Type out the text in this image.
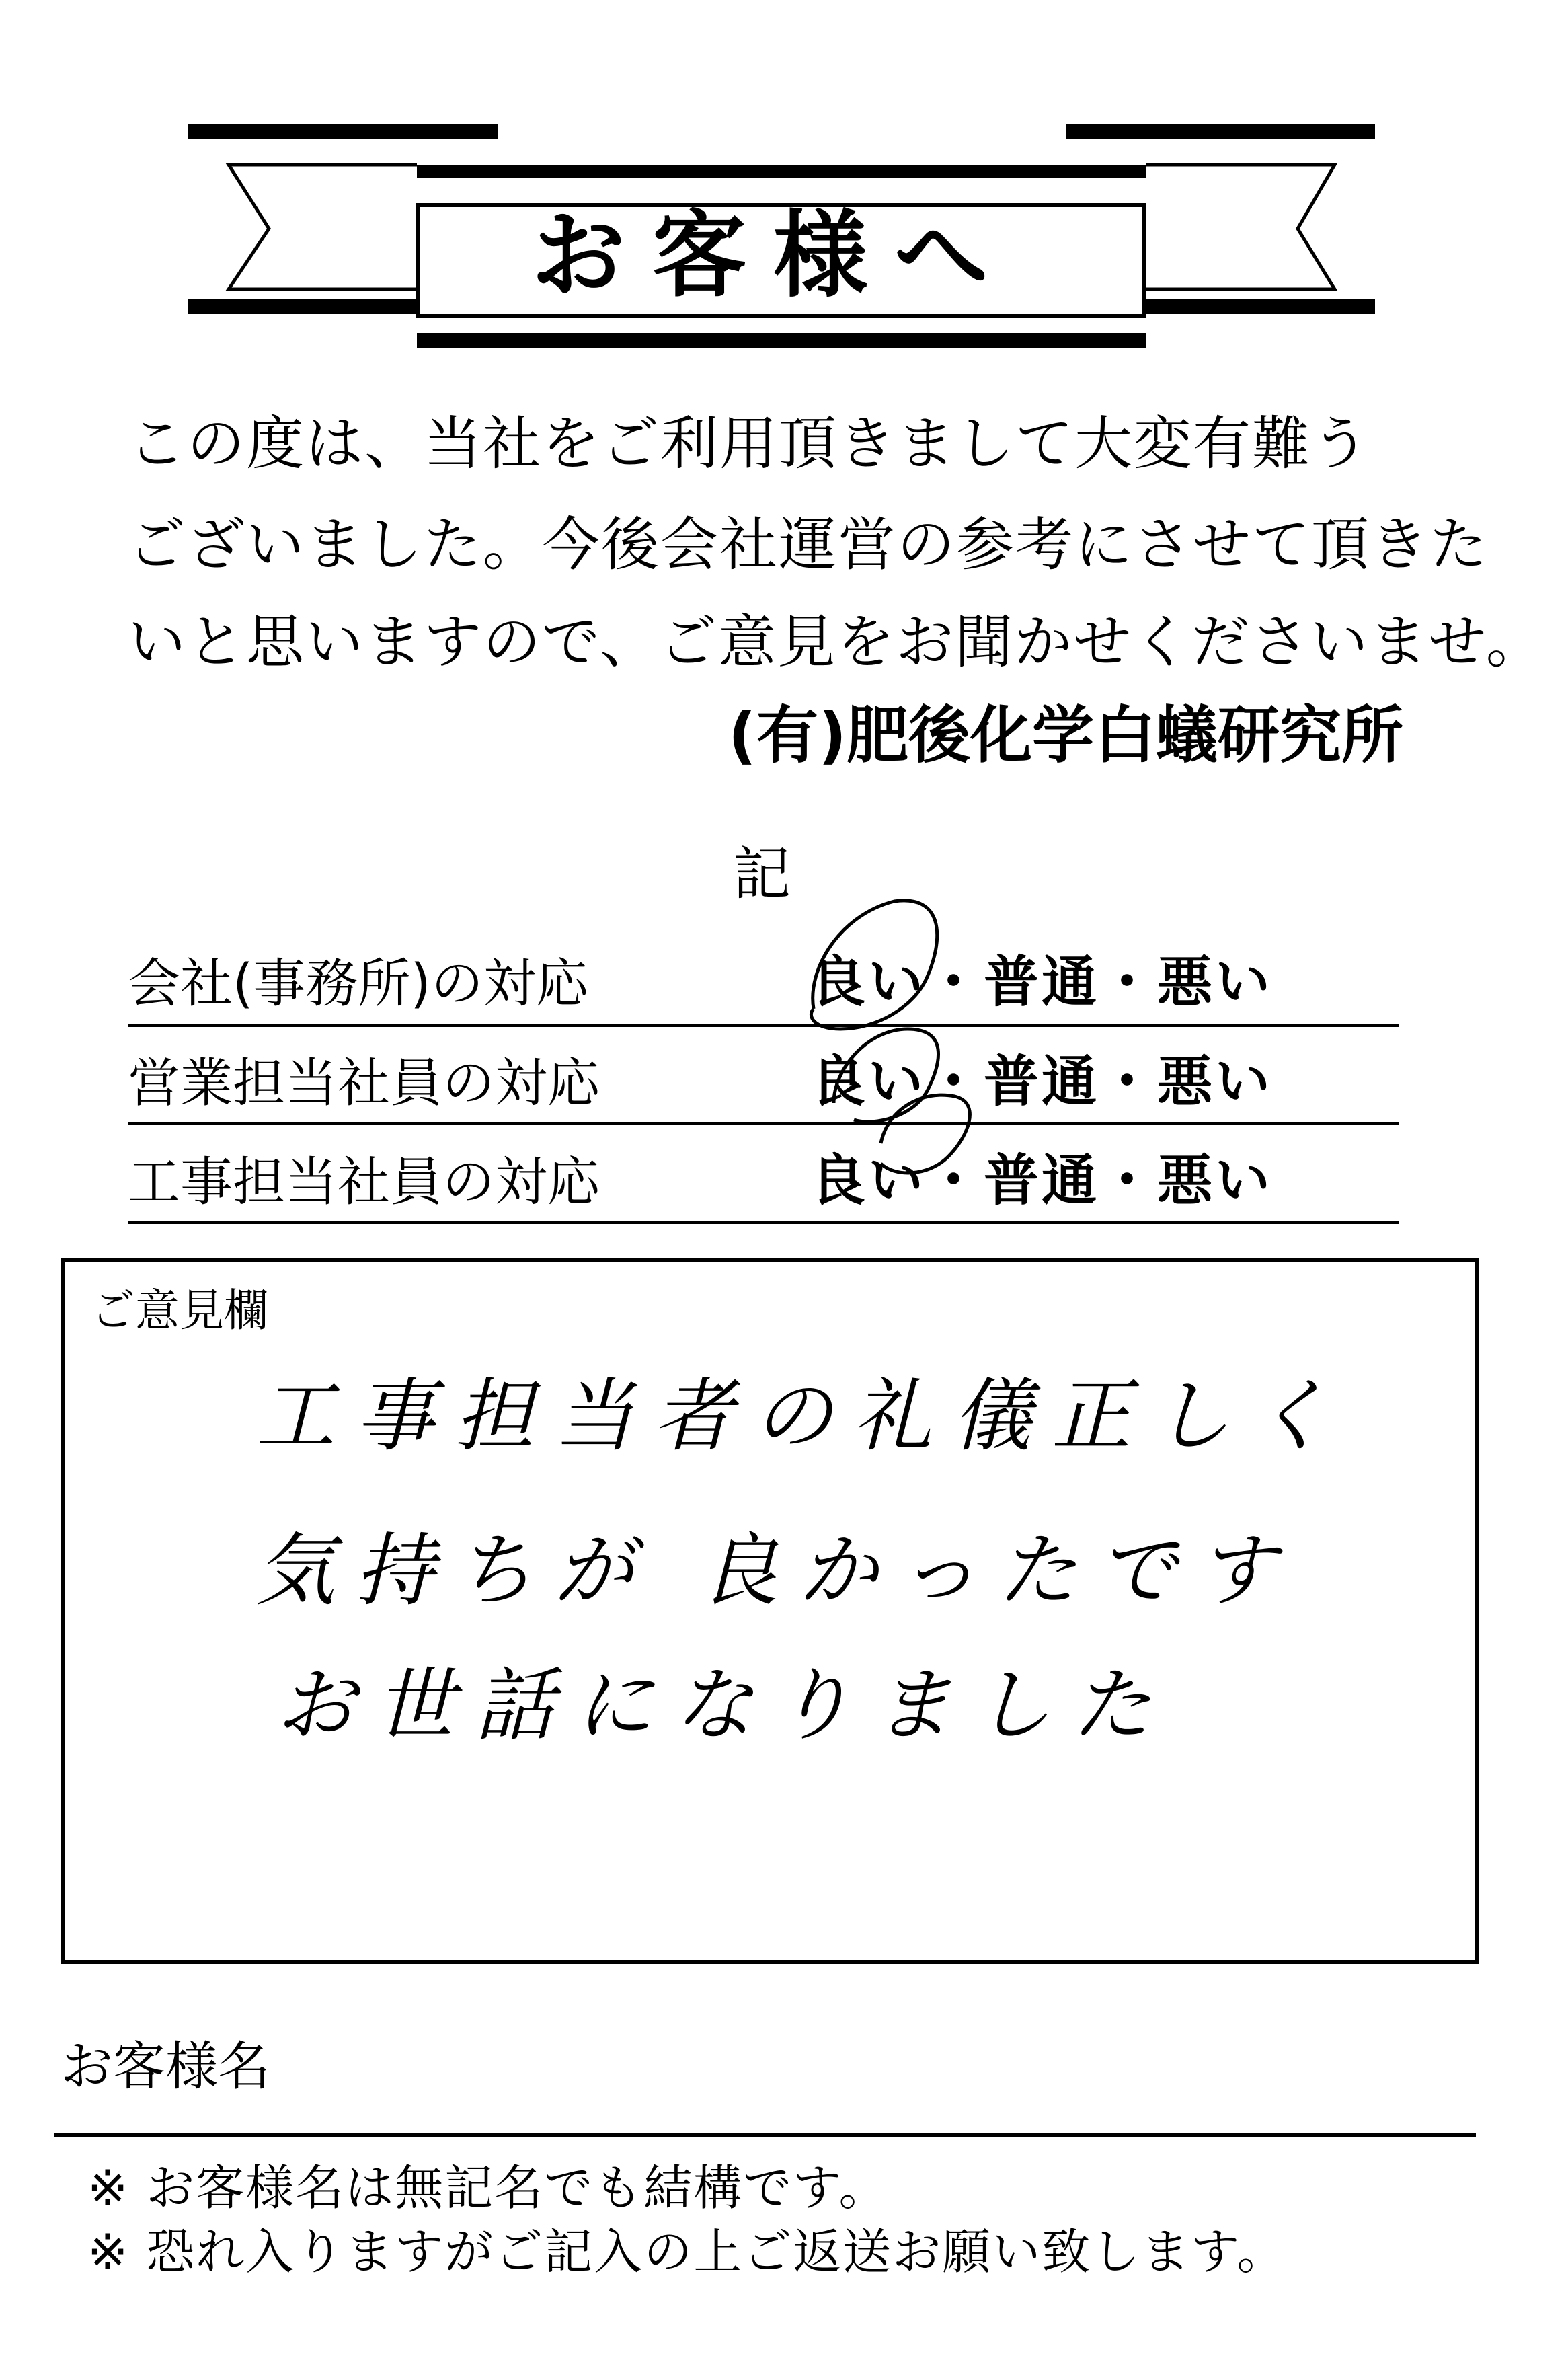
お客様へ
この度は、当社をご利用頂きまして大変有難う
ございました。今後会社運営の参考にさせて頂きた
いと思いますので、ご意見をお聞かせくださいませ。
(有)肥後化学白蟻研究所
記
会社(事務所)の対応	良い・普通・悪い
営業担当社員の対応	良い・普通・悪い
工事担当社員の対応	良い・普通・悪い
ご意見欄
工事担当者の礼儀正しく
気持ちが 良かったです
お世話になりました
お客様名
※ お客様名は無記名でも結構です。
※ 恐れ入りますがご記入の上ご返送お願い致します。
